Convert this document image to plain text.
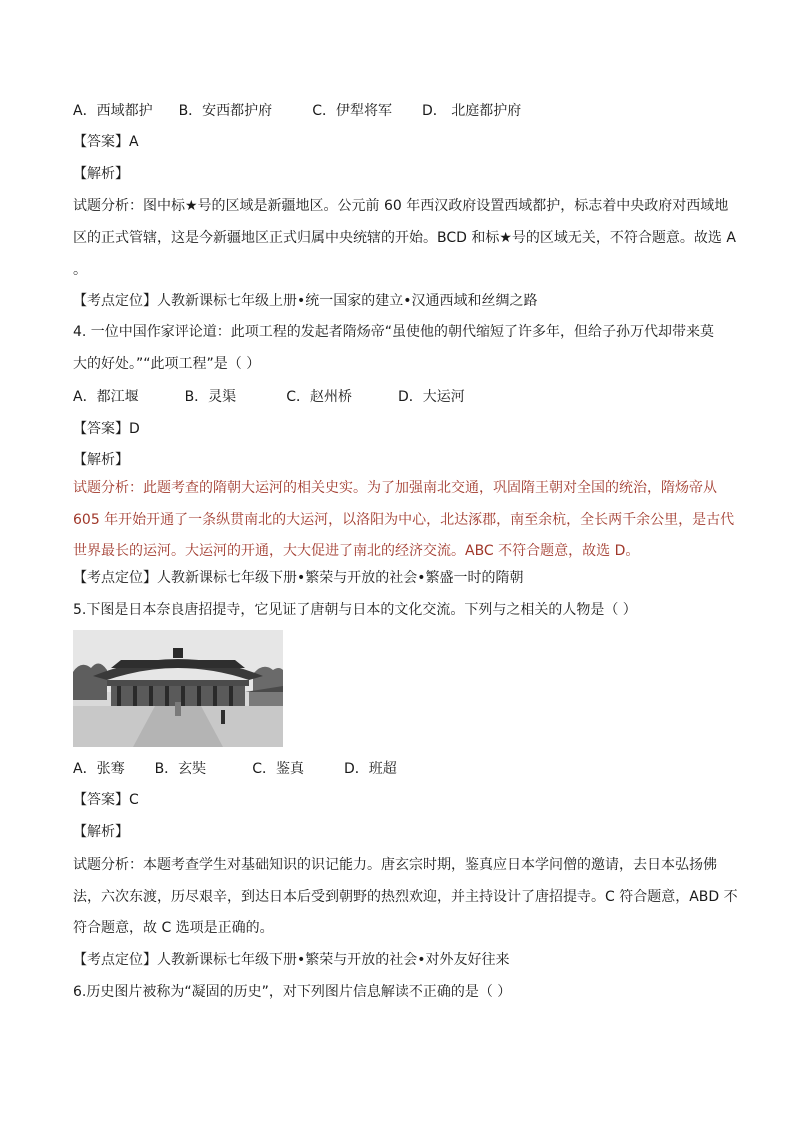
A．西域都护 B．安西都护府	C．伊犁将军 D． 北庭都护府
【答案】A
【解析】
试题分析：图中标★号的区域是新疆地区。公元前 60 年西汉政府设置西域都护，标志着中央政府对西域地
区的正式管辖，这是今新疆地区正式归属中央统辖的开始。BCD 和标★号的区域无关，不符合题意。故选 A
。
【考点定位】人教新课标七年级上册•统一国家的建立•汉通西域和丝绸之路
4. 一位中国作家评论道：此项工程的发起者隋炀帝“虽使他的朝代缩短了许多年，但给子孙万代却带来莫
大的好处。”“此项工程”是（ ）
A．都江堰	B．灵渠	C．赵州桥	D．大运河
【答案】D
【解析】
试题分析：此题考查的隋朝大运河的相关史实。为了加强南北交通，巩固隋王朝对全国的统治，隋炀帝从
605 年开始开通了一条纵贯南北的大运河，以洛阳为中心，北达涿郡，南至余杭，全长两千余公里，是古代
世界最长的运河。大运河的开通，大大促进了南北的经济交流。ABC 不符合题意，故选 D。
【考点定位】人教新课标七年级下册•繁荣与开放的社会•繁盛一时的隋朝
5.下图是日本奈良唐招提寺，它见证了唐朝与日本的文化交流。下列与之相关的人物是（ ）
A．张骞 B．玄奘	C．鉴真	D．班超
【答案】C
【解析】
试题分析：本题考查学生对基础知识的识记能力。唐玄宗时期，鉴真应日本学问僧的邀请，去日本弘扬佛
法，六次东渡，历尽艰辛，到达日本后受到朝野的热烈欢迎，并主持设计了唐招提寺。C 符合题意，ABD 不
符合题意，故 C 选项是正确的。
【考点定位】人教新课标七年级下册•繁荣与开放的社会•对外友好往来
6.历史图片被称为“凝固的历史”，对下列图片信息解读不正确的是（ ）
